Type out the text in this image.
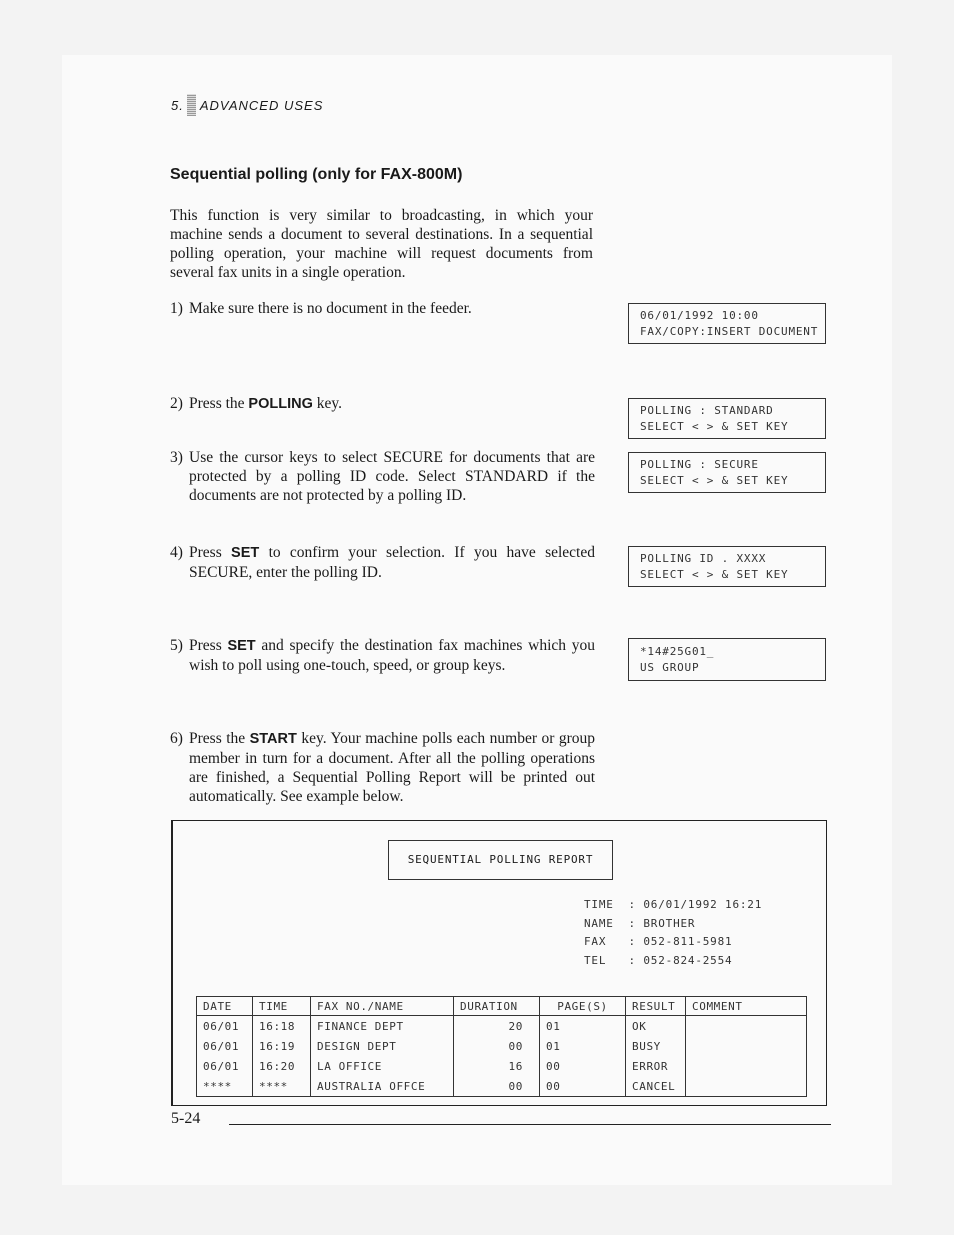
5. ADVANCED USES
Sequential polling (only for FAX-800M)
This function is very similar to broadcasting, in which your machine sends a document to several destinations. In a sequential polling operation, your machine will request documents from several fax units in a single operation.
1) Make sure there is no document in the feeder.
2) Press the POLLING key.
3) Use the cursor keys to select SECURE for documents that are protected by a polling ID code. Select STANDARD if the documents are not protected by a polling ID.
4) Press SET to confirm your selection. If you have selected SECURE, enter the polling ID.
5) Press SET and specify the destination fax machines which you wish to poll using one-touch, speed, or group keys.
6) Press the START key. Your machine polls each number or group member in turn for a document. After all the polling operations are finished, a Sequential Polling Report will be printed out automatically. See example below.
06/01/1992 10:00
FAX/COPY:INSERT DOCUMENT
POLLING : STANDARD
SELECT < > & SET KEY
POLLING : SECURE
SELECT < > & SET KEY
POLLING ID . XXXX
SELECT < > & SET KEY
*14#25G01_
US GROUP
SEQUENTIAL POLLING REPORT
TIME  : 06/01/1992 16:21
NAME  : BROTHER
FAX   : 052-811-5981
TEL   : 052-824-2554
DATE	TIME	FAX NO./NAME	DURATION	PAGE(S)	RESULT	COMMENT
06/01	16:18	FINANCE DEPT	20	01	OK	
06/01	16:19	DESIGN DEPT	00	01	BUSY	
06/01	16:20	LA OFFICE	16	00	ERROR	
****	****	AUSTRALIA OFFCE	00	00	CANCEL	
5-24
